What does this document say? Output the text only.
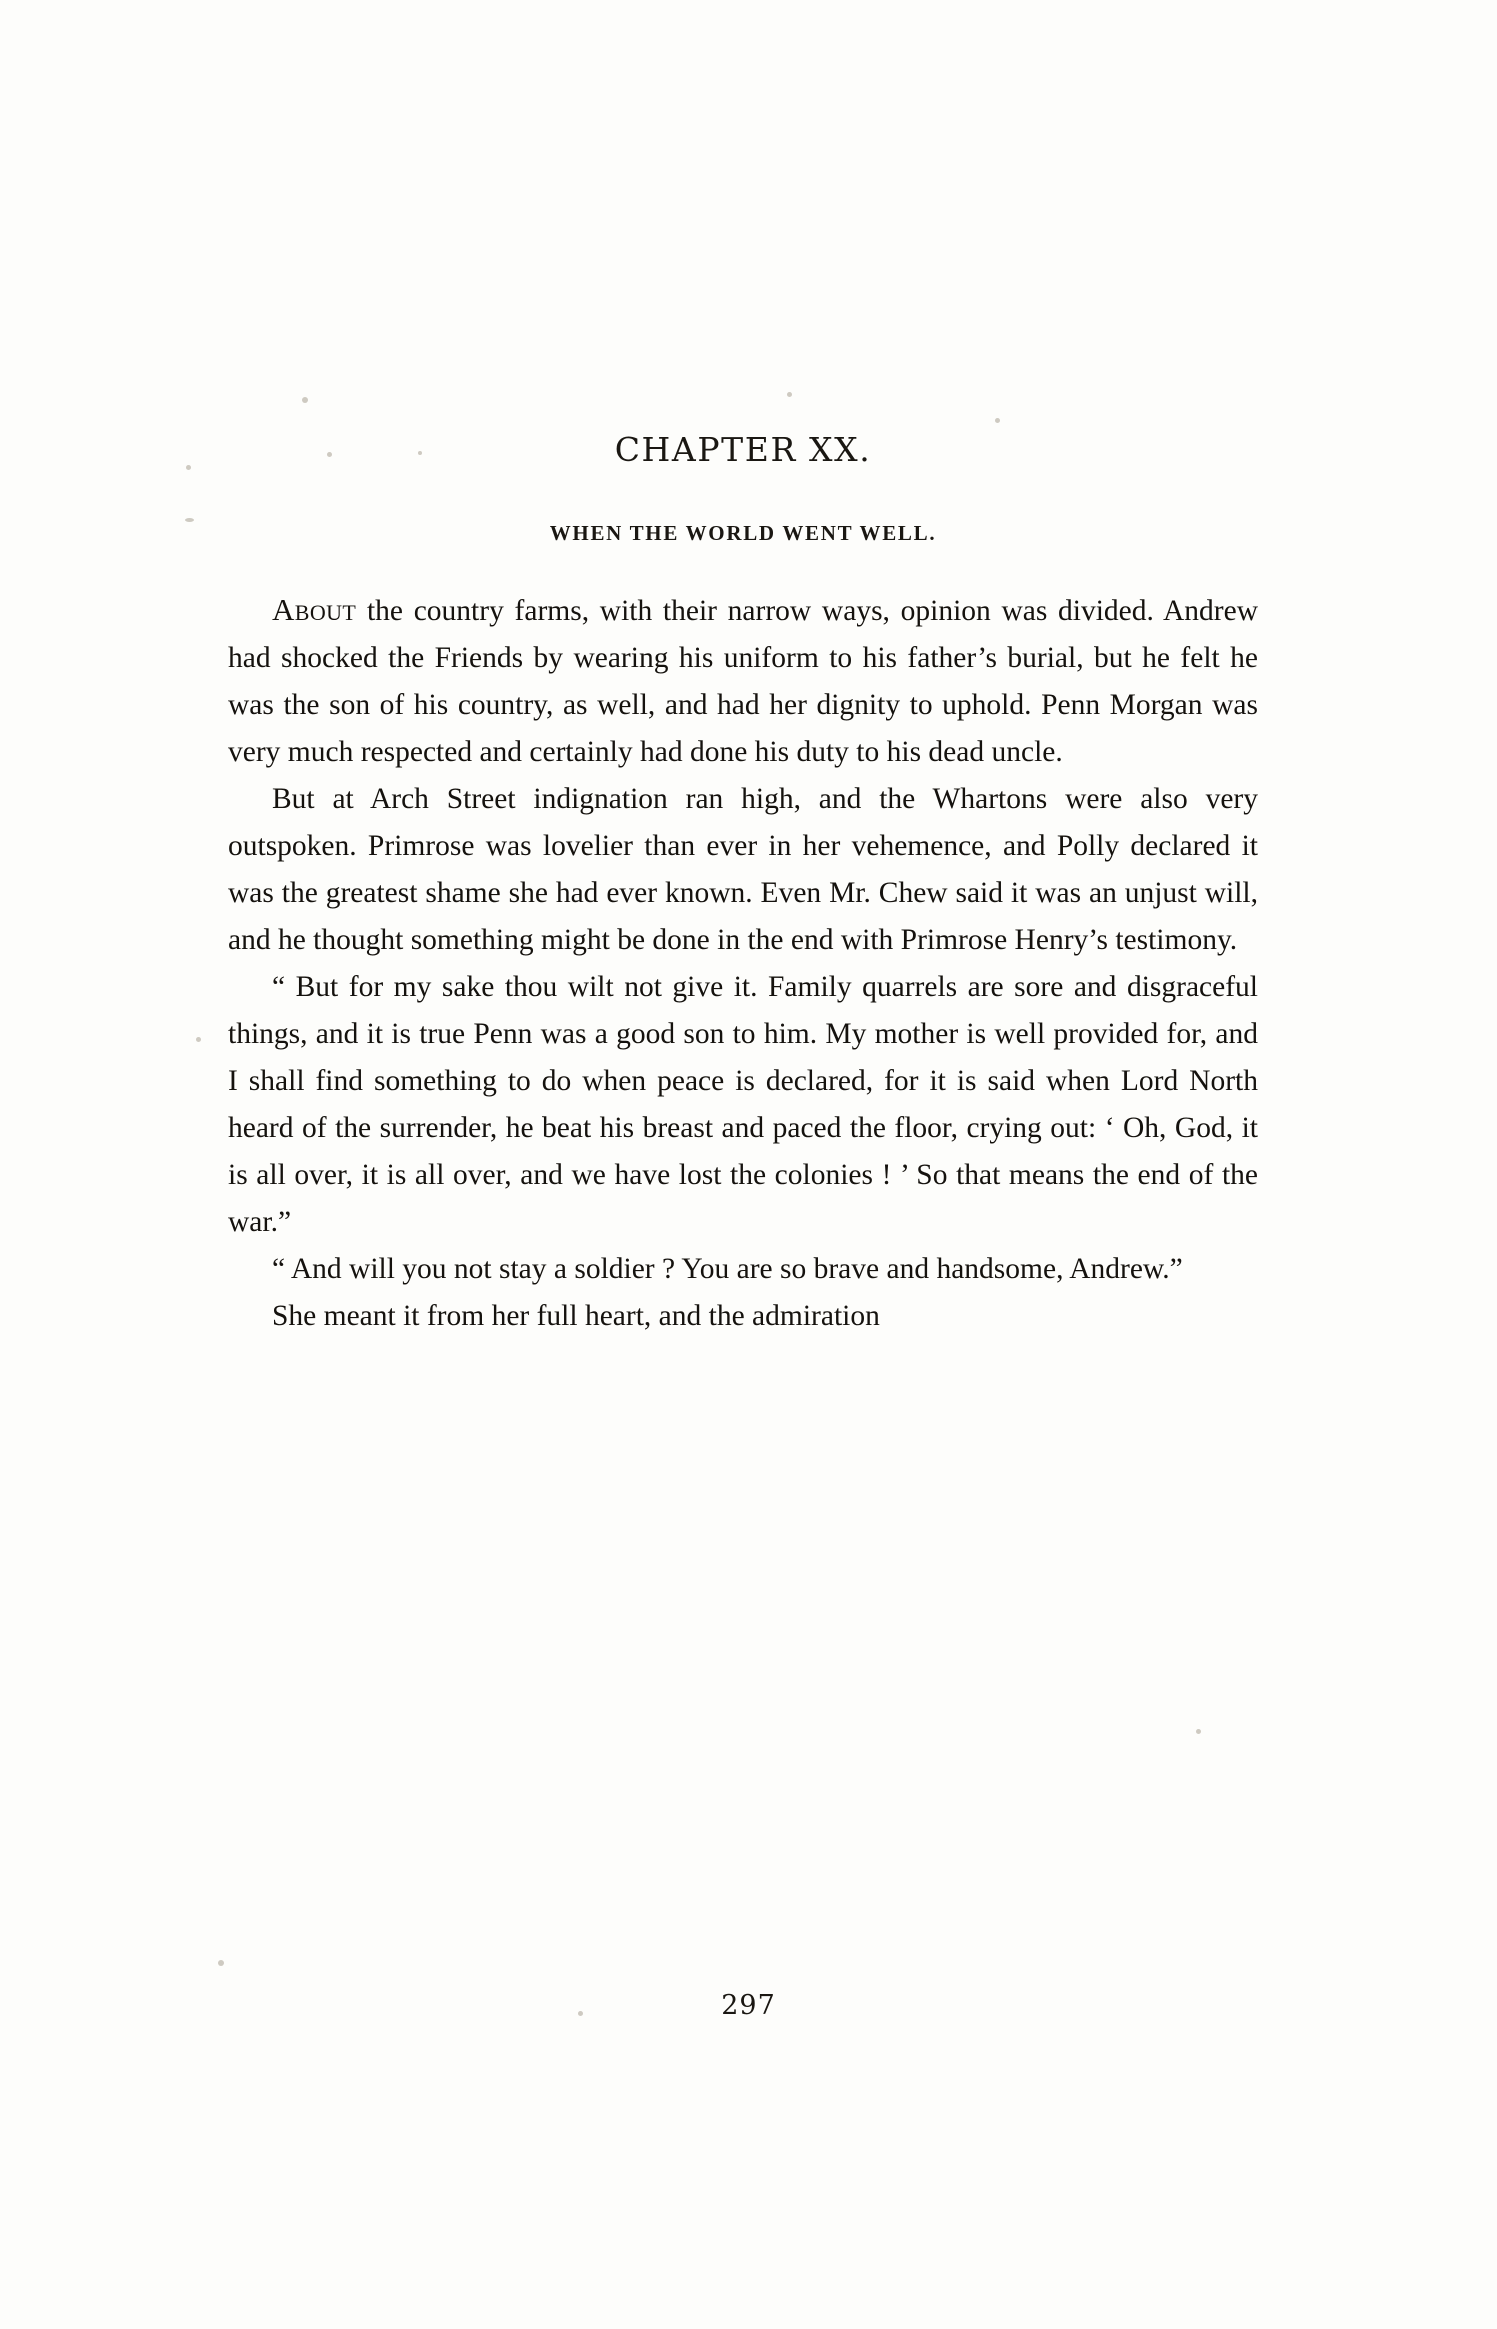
CHAPTER XX.
WHEN THE WORLD WENT WELL.

About the country farms, with their narrow ways, opinion was divided. Andrew had shocked the Friends by wearing his uniform to his father’s burial, but he felt he was the son of his country, as well, and had her dignity to uphold. Penn Morgan was very much respected and certainly had done his duty to his dead uncle.

But at Arch Street indignation ran high, and the Whartons were also very outspoken. Primrose was lovelier than ever in her vehemence, and Polly declared it was the greatest shame she had ever known. Even Mr. Chew said it was an unjust will, and he thought something might be done in the end with Primrose Henry’s testimony.

“ But for my sake thou wilt not give it. Family quarrels are sore and disgraceful things, and it is true Penn was a good son to him. My mother is well provided for, and I shall find something to do when peace is declared, for it is said when Lord North heard of the surrender, he beat his breast and paced the floor, crying out: ‘ Oh, God, it is all over, it is all over, and we have lost the colonies ! ’ So that means the end of the war.”

“ And will you not stay a soldier ? You are so brave and handsome, Andrew.”

She meant it from her full heart, and the admiration

297
